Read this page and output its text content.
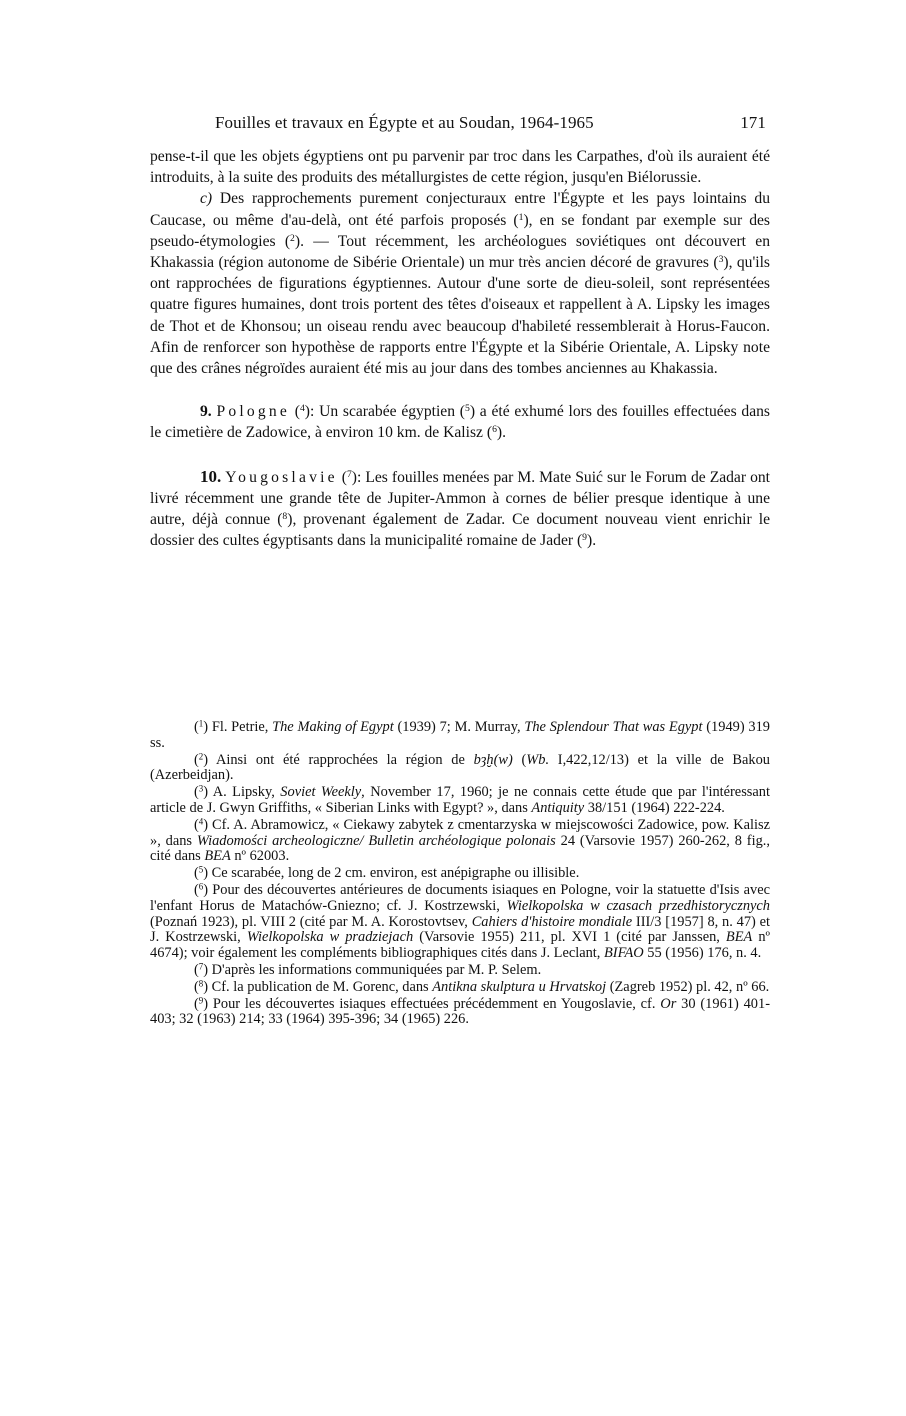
Fouilles et travaux en Égypte et au Soudan, 1964-1965	171

pense-t-il que les objets égyptiens ont pu parvenir par troc dans les Carpathes, d'où ils auraient été introduits, à la suite des produits des métallurgistes de cette région, jusqu'en Biélorussie.

c) Des rapprochements purement conjecturaux entre l'Égypte et les pays lointains du Caucase, ou même d'au-delà, ont été parfois proposés ($^1$), en se fondant par exemple sur des pseudo-étymologies ($^2$). — Tout récemment, les archéologues soviétiques ont découvert en Khakassia (région autonome de Sibérie Orientale) un mur très ancien décoré de gravures ($^3$), qu'ils ont rapprochées de figurations égyptiennes. Autour d'une sorte de dieu-soleil, sont représentées quatre figures humaines, dont trois portent des têtes d'oiseaux et rappellent à A. Lipsky les images de Thot et de Khonsou; un oiseau rendu avec beaucoup d'habileté ressemblerait à Horus-Faucon. Afin de renforcer son hypothèse de rapports entre l'Égypte et la Sibérie Orientale, A. Lipsky note que des crânes négroïdes auraient été mis au jour dans des tombes anciennes au Khakassia.

9. Pologne ($^4$): Un scarabée égyptien ($^5$) a été exhumé lors des fouilles effectuées dans le cimetière de Zadowice, à environ 10 km. de Kalisz ($^6$).

10. Yougoslavie ($^7$): Les fouilles menées par M. Mate Suić sur le Forum de Zadar ont livré récemment une grande tête de Jupiter-Ammon à cornes de bélier presque identique à une autre, déjà connue ($^8$), provenant également de Zadar. Ce document nouveau vient enrichir le dossier des cultes égyptisants dans la municipalité romaine de Jader ($^9$).

($^1$) Fl. Petrie, The Making of Egypt (1939) 7; M. Murray, The Splendour That was Egypt (1949) 319 ss.

($^2$) Ainsi ont été rapprochées la région de bȝḫ(w) (Wb. I,422,12/13) et la ville de Bakou (Azerbeidjan).

($^3$) A. Lipsky, Soviet Weekly, November 17, 1960; je ne connais cette étude que par l'intéressant article de J. Gwyn Griffiths, « Siberian Links with Egypt? », dans Antiquity 38/151 (1964) 222-224.

($^4$) Cf. A. Abramowicz, « Ciekawy zabytek z cmentarzyska w miejscowości Zadowice, pow. Kalisz », dans Wiadomości archeologiczne/ Bulletin archéologique polonais 24 (Varsovie 1957) 260-262, 8 fig., cité dans BEA nº 62003.

($^5$) Ce scarabée, long de 2 cm. environ, est anépigraphe ou illisible.

($^6$) Pour des découvertes antérieures de documents isiaques en Pologne, voir la statuette d'Isis avec l'enfant Horus de Matachów-Gniezno; cf. J. Kostrzewski, Wielkopolska w czasach przedhistorycznych (Poznań 1923), pl. VIII 2 (cité par M. A. Korostovtsev, Cahiers d'histoire mondiale III/3 [1957] 8, n. 47) et J. Kostrzewski, Wielkopolska w pradziejach (Varsovie 1955) 211, pl. XVI 1 (cité par Janssen, BEA nº 4674); voir également les compléments bibliographiques cités dans J. Leclant, BIFAO 55 (1956) 176, n. 4.

($^7$) D'après les informations communiquées par M. P. Selem.

($^8$) Cf. la publication de M. Gorenc, dans Antikna skulptura u Hrvatskoj (Zagreb 1952) pl. 42, nº 66.

($^9$) Pour les découvertes isiaques effectuées précédemment en Yougoslavie, cf. Or 30 (1961) 401-403; 32 (1963) 214; 33 (1964) 395-396; 34 (1965) 226.
